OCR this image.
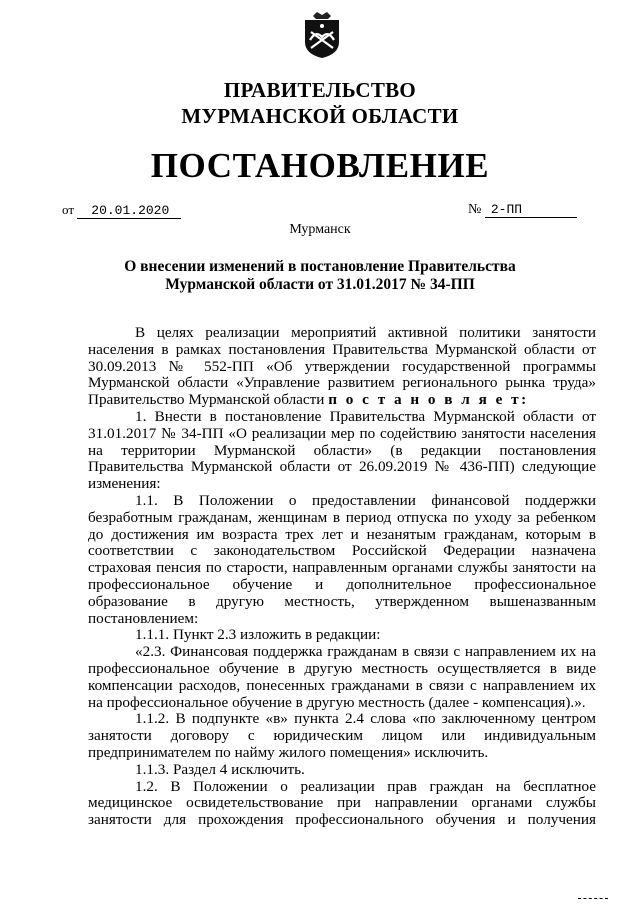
ПРАВИТЕЛЬСТВО
МУРМАНСКОЙ ОБЛАСТИ
ПОСТАНОВЛЕНИЕ
от 20.01.2020	№ 2-ПП
Мурманск
О внесении изменений в постановление Правительства
Мурманской области от 31.01.2017 № 34-ПП
В целях реализации мероприятий активной политики занятости
населения в рамках постановления Правительства Мурманской области от
30.09.2013 № 552-ПП «Об утверждении государственной программы
Мурманской области «Управление развитием регионального рынка труда»
Правительство Мурманской области п о с т а н о в л я е т:
1. Внести в постановление Правительства Мурманской области от
31.01.2017 № 34-ПП «О реализации мер по содействию занятости населения
на территории Мурманской области» (в редакции постановления
Правительства Мурманской области от 26.09.2019 № 436-ПП) следующие
изменения:
1.1. В Положении о предоставлении финансовой поддержки
безработным гражданам, женщинам в период отпуска по уходу за ребенком
до достижения им возраста трех лет и незанятым гражданам, которым в
соответствии с законодательством Российской Федерации назначена
страховая пенсия по старости, направленным органами службы занятости на
профессиональное обучение и дополнительное профессиональное
образование в другую местность, утвержденном вышеназванным
постановлением:
1.1.1. Пункт 2.3 изложить в редакции:
«2.3. Финансовая поддержка гражданам в связи с направлением их на
профессиональное обучение в другую местность осуществляется в виде
компенсации расходов, понесенных гражданами в связи с направлением их
на профессиональное обучение в другую местность (далее - компенсация).».
1.1.2. В подпункте «в» пункта 2.4 слова «по заключенному центром
занятости договору с юридическим лицом или индивидуальным
предпринимателем по найму жилого помещения» исключить.
1.1.3. Раздел 4 исключить.
1.2. В Положении о реализации прав граждан на бесплатное
медицинское освидетельствование при направлении органами службы
занятости для прохождения профессионального обучения и получения
